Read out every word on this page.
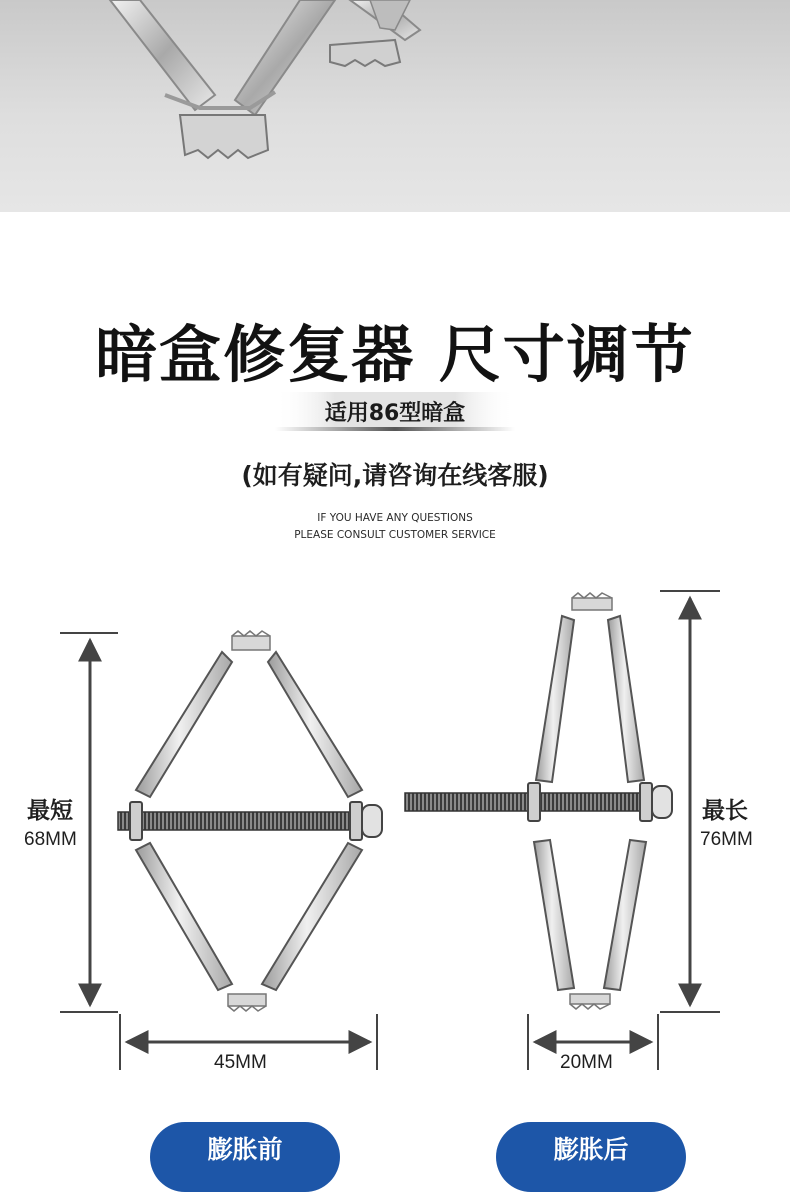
暗盒修复器 尺寸调节
适用86型暗盒
(如有疑问,请咨询在线客服)
IF YOU HAVE ANY QUESTIONS
PLEASE CONSULT CUSTOMER SERVICE
最短
68MM
45MM
最长
76MM
20MM
膨胀前	膨胀后
